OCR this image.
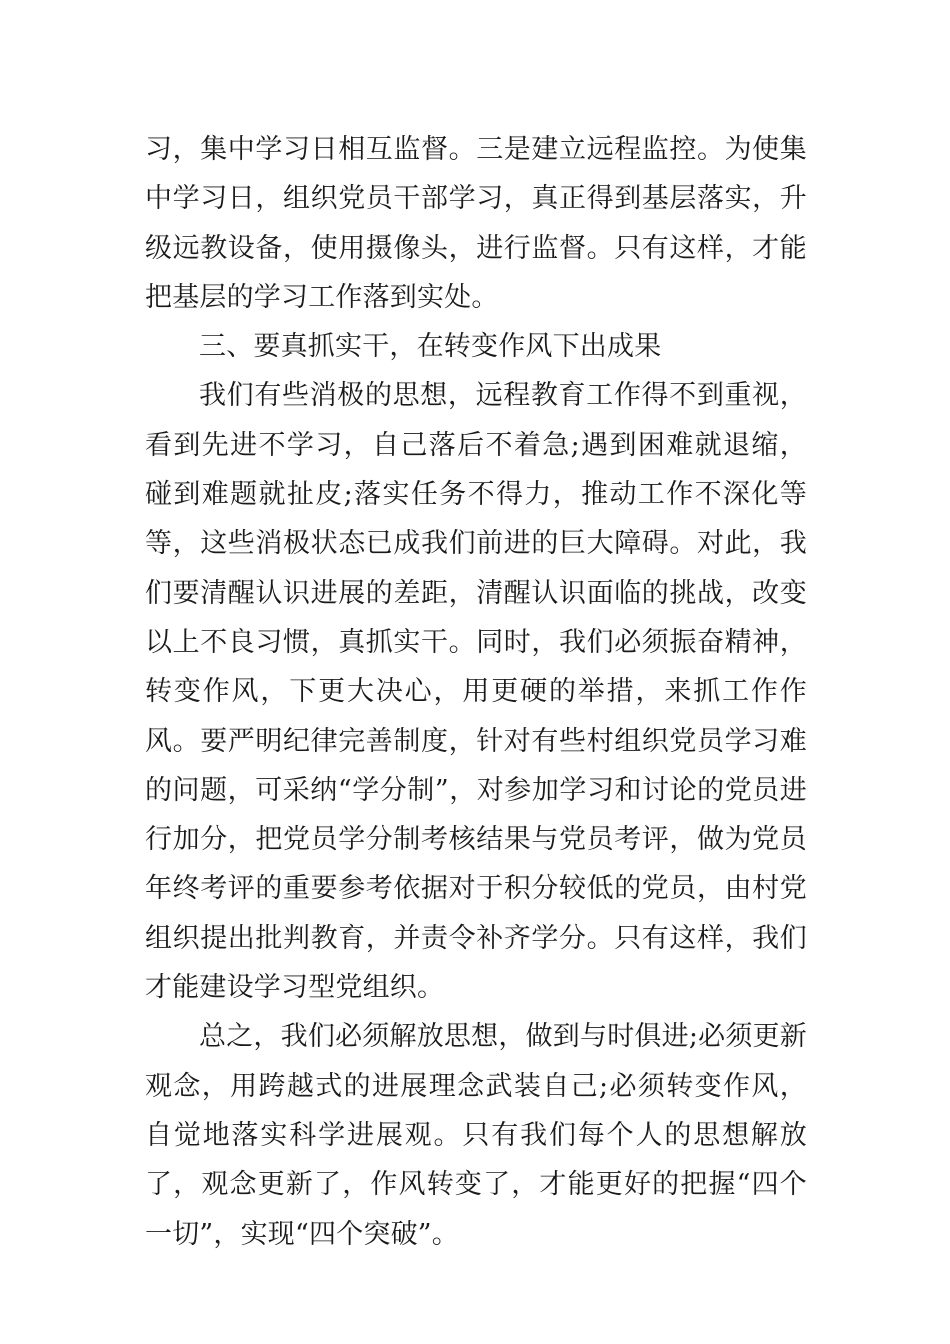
习，集中学习日相互监督。三是建立远程监控。为使集中学习日，组织党员干部学习，真正得到基层落实，升级远教设备，使用摄像头，进行监督。只有这样，才能把基层的学习工作落到实处。

三、要真抓实干，在转变作风下出成果

我们有些消极的思想，远程教育工作得不到重视，看到先进不学习，自己落后不着急;遇到困难就退缩，碰到难题就扯皮;落实任务不得力，推动工作不深化等等，这些消极状态已成我们前进的巨大障碍。对此，我们要清醒认识进展的差距，清醒认识面临的挑战，改变以上不良习惯，真抓实干。同时，我们必须振奋精神，转变作风，下更大决心，用更硬的举措，来抓工作作风。要严明纪律完善制度，针对有些村组织党员学习难的问题，可采纳“学分制”，对参加学习和讨论的党员进行加分，把党员学分制考核结果与党员考评，做为党员年终考评的重要参考依据对于积分较低的党员，由村党组织提出批判教育，并责令补齐学分。只有这样，我们才能建设学习型党组织。

总之，我们必须解放思想，做到与时俱进;必须更新观念，用跨越式的进展理念武装自己;必须转变作风，自觉地落实科学进展观。只有我们每个人的思想解放了，观念更新了，作风转变了，才能更好的把握“四个一切”，实现“四个突破”。
